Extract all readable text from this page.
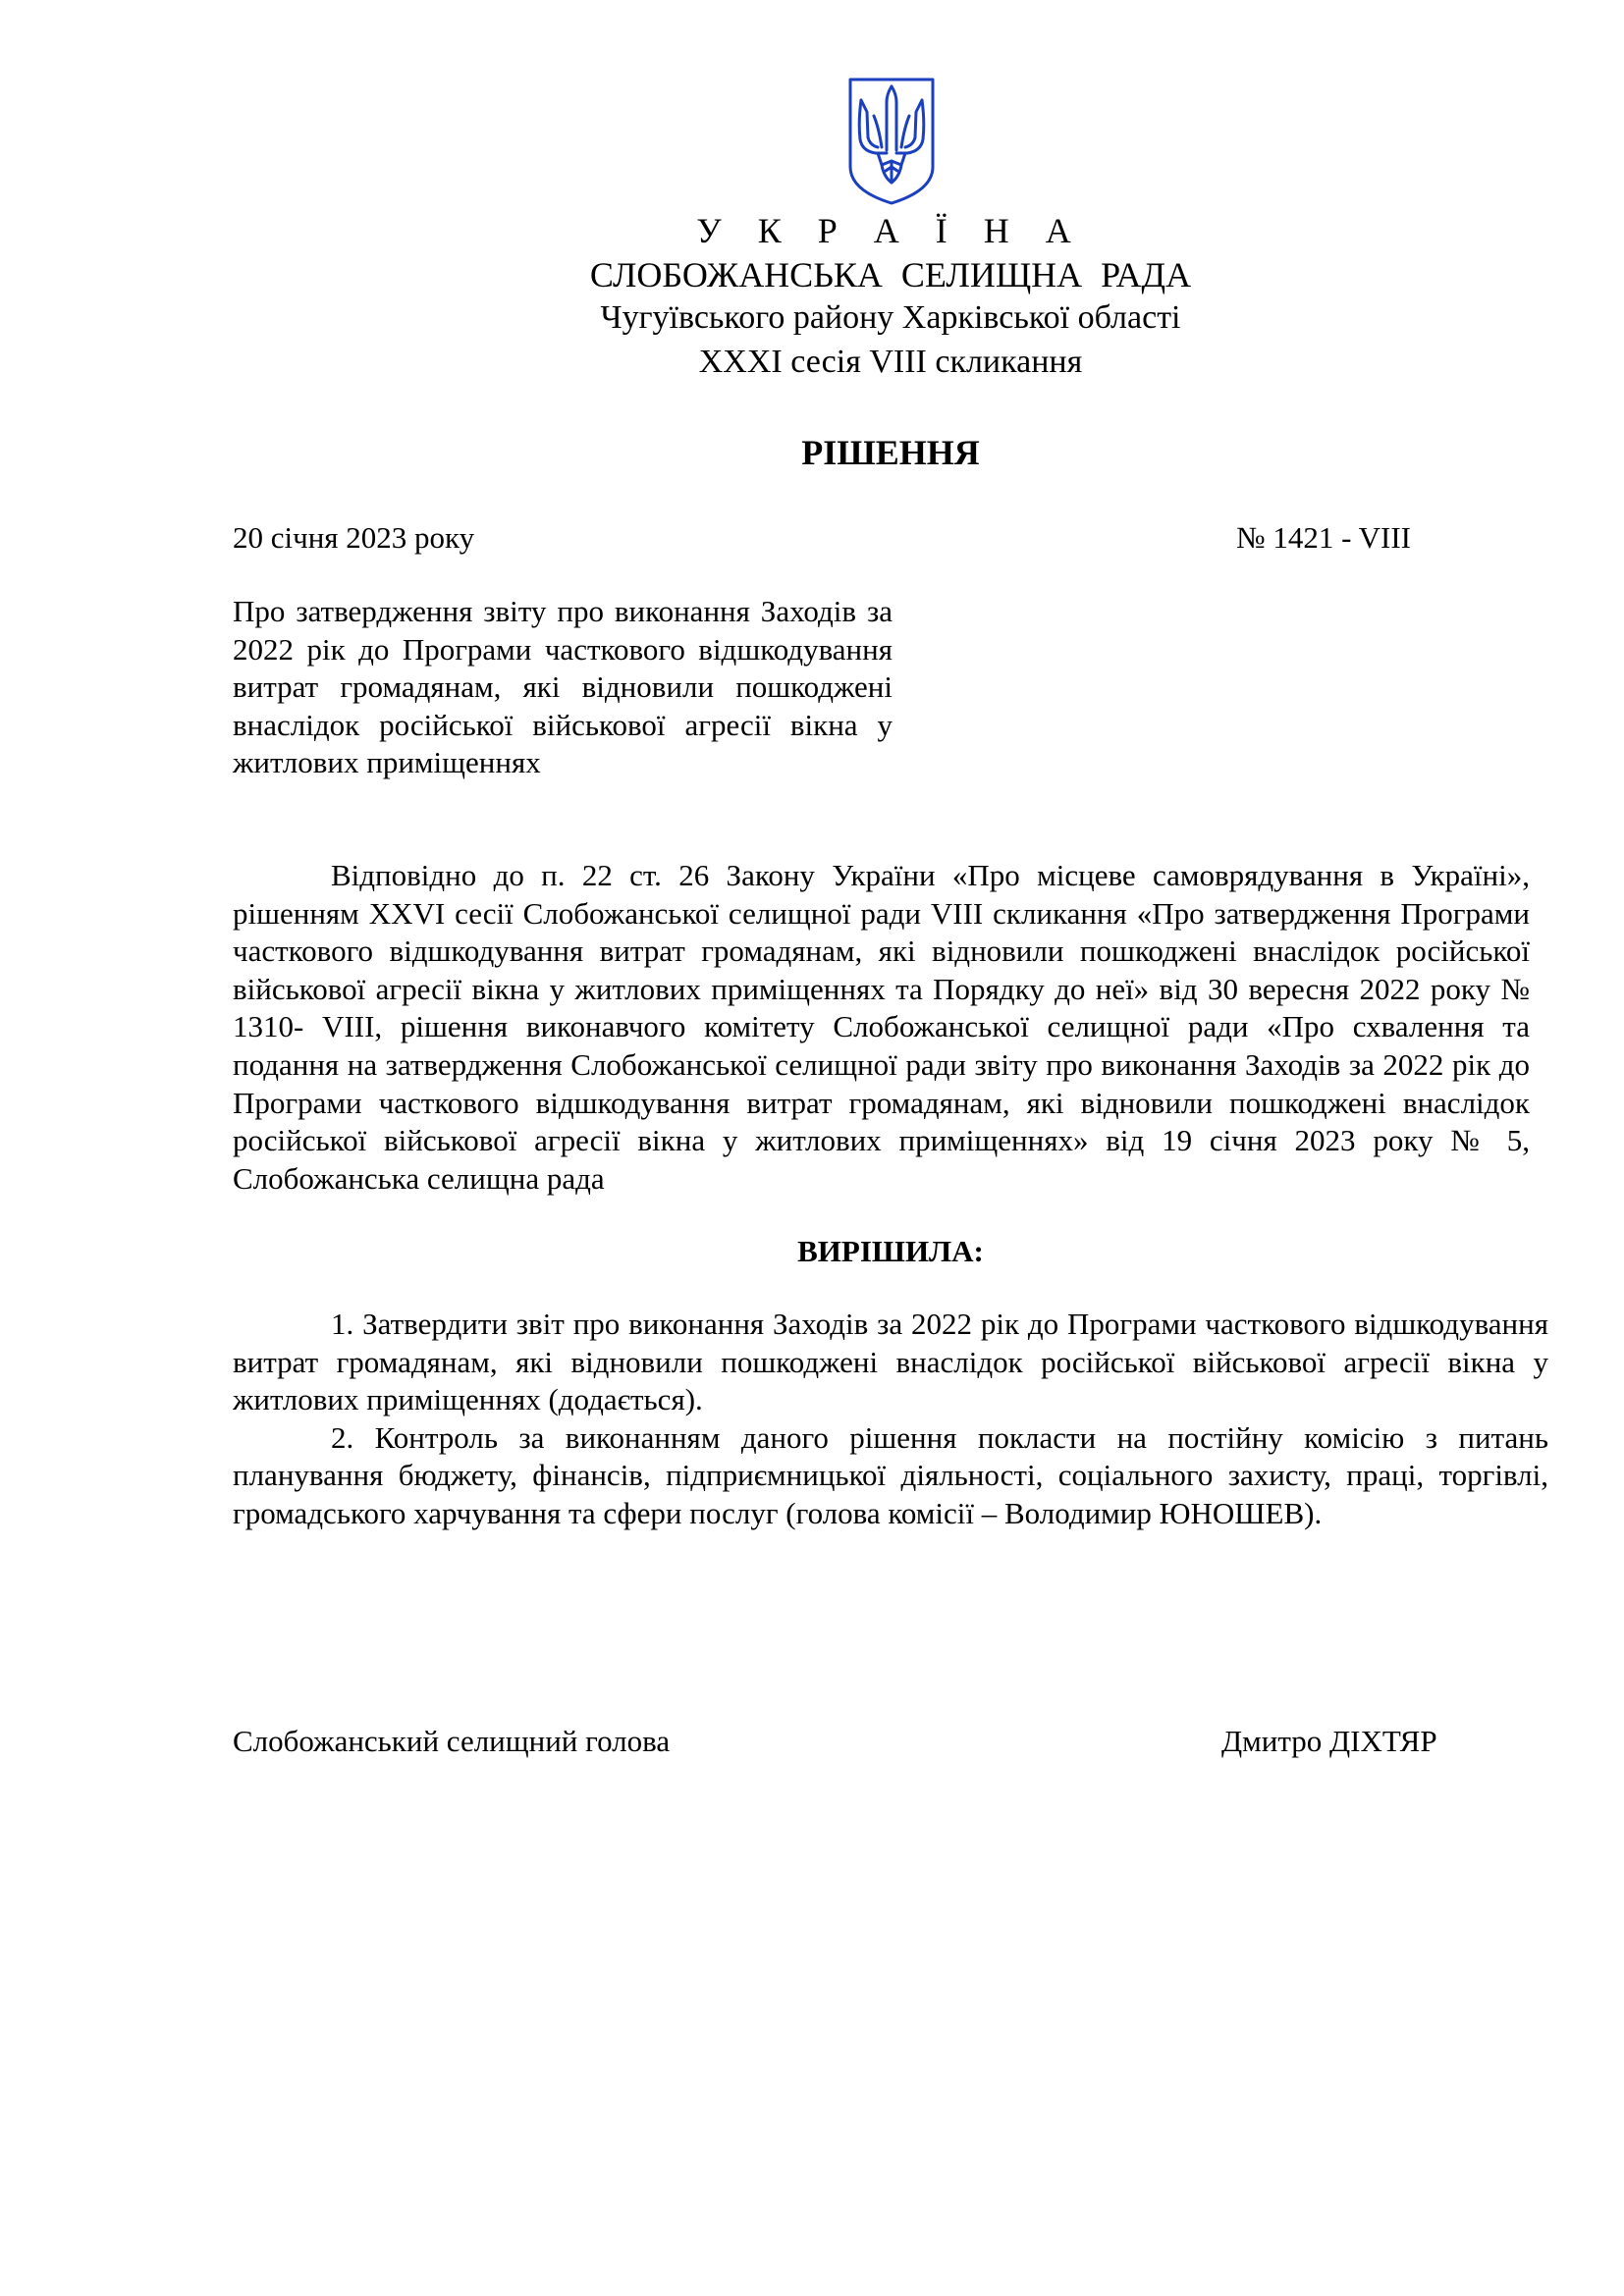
У К Р А Ї Н А
СЛОБОЖАНСЬКА СЕЛИЩНА РАДА
Чугуївського району Харківської області
XXXI сесія VIII скликання
РІШЕННЯ
20 січня 2023 року	№ 1421 - VIII

Про затвердження звіту про виконання Заходів за 2022 рік до Програми часткового відшкодування витрат громадянам, які відновили пошкоджені внаслідок російської військової агресії вікна у житлових приміщеннях

Відповідно до п. 22 ст. 26 Закону України «Про місцеве самоврядування в Україні», рішенням XXVI сесії Слобожанської селищної ради VIII скликання «Про затвердження Програми часткового відшкодування витрат громадянам, які відновили пошкоджені внаслідок російської військової агресії вікна у житлових приміщеннях та Порядку до неї» від 30 вересня 2022 року № 1310- VIII, рішення виконавчого комітету Слобожанської селищної ради «Про схвалення та подання на затвердження Слобожанської селищної ради звіту про виконання Заходів за 2022 рік до Програми часткового відшкодування витрат громадянам, які відновили пошкоджені внаслідок російської військової агресії вікна у житлових приміщеннях» від 19 січня 2023 року № 5, Слобожанська селищна рада

ВИРІШИЛА:
1. Затвердити звіт про виконання Заходів за 2022 рік до Програми часткового відшкодування витрат громадянам, які відновили пошкоджені внаслідок російської військової агресії вікна у житлових приміщеннях (додається).
2. Контроль за виконанням даного рішення покласти на постійну комісію з питань планування бюджету, фінансів, підприємницької діяльності, соціального захисту, праці, торгівлі, громадського харчування та сфери послуг (голова комісії – Володимир ЮНОШЕВ).
Слобожанський селищний голова	Дмитро ДІХТЯР
